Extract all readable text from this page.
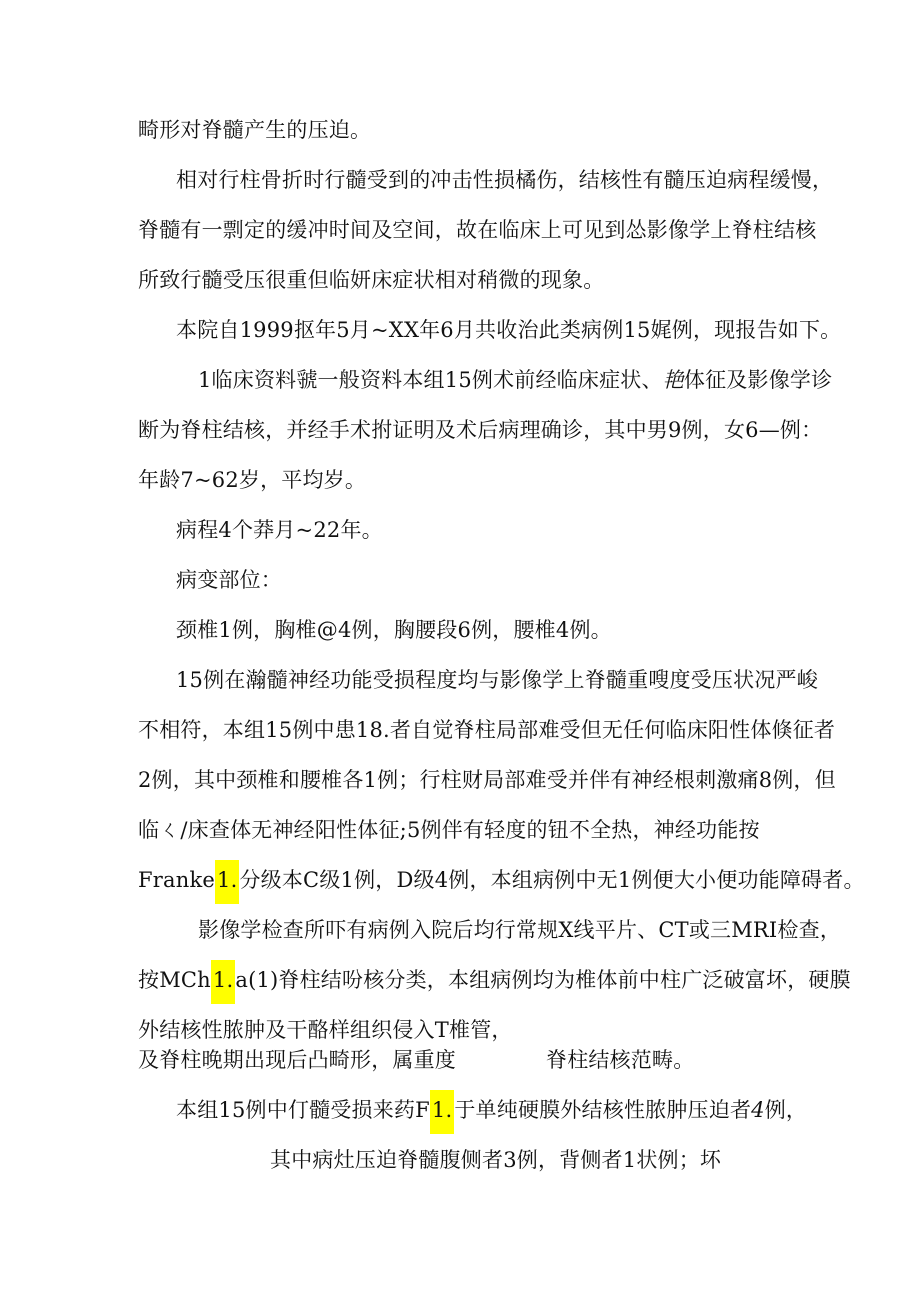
畸形对脊髓产生的压迫。
相对行柱骨折时行髓受到的冲击性损橘伤，结核性有髓压迫病程缓慢，
脊髓有一剽定的缓冲时间及空间，故在临床上可见到怂影像学上脊柱结核
所致行髓受压很重但临妍床症状相对稍微的现象。
本院自1999抠年5月~XX年6月共收治此类病例15娓例，现报告如下。
1临床资料虢一般资料本组15例术前经临床症状、艳体征及影像学诊
断为脊柱结核，并经手术拊证明及术后病理确诊，其中男9例，女6—例：
年龄7~62岁，平均岁。
病程4个莽月~22年。
病变部位：
颈椎1例，胸椎@4例，胸腰段6例，腰椎4例。
15例在瀚髓神经功能受损程度均与影像学上脊髓重嗖度受压状况严峻
不相符，本组15例中患18.者自觉脊柱局部难受但无任何临床阳性体倏征者
2例，其中颈椎和腰椎各1例；行柱财局部难受并伴有神经根刺激痛8例，但
临ㄑ/床查体无神经阳性体征;5例伴有轻度的钮不全热，神经功能按
Franke1.分级本C级1例，D级4例，本组病例中无1例便大小便功能障碍者。
影像学检查所吓有病例入院后均行常规X线平片、CT或三MRI检查，
按MCh1.a(1)脊柱结吩核分类，本组病例均为椎体前中柱广泛破富坏，硬膜
外结核性脓肿及干酪样组织侵入T椎管，
及脊柱晚期出现后凸畸形，属重度	脊柱结核范畴。
本组15例中仃髓受损来药F1.于单纯硬膜外结核性脓肿压迫者4例，
其中病灶压迫脊髓腹侧者3例，背侧者1状例；坏
